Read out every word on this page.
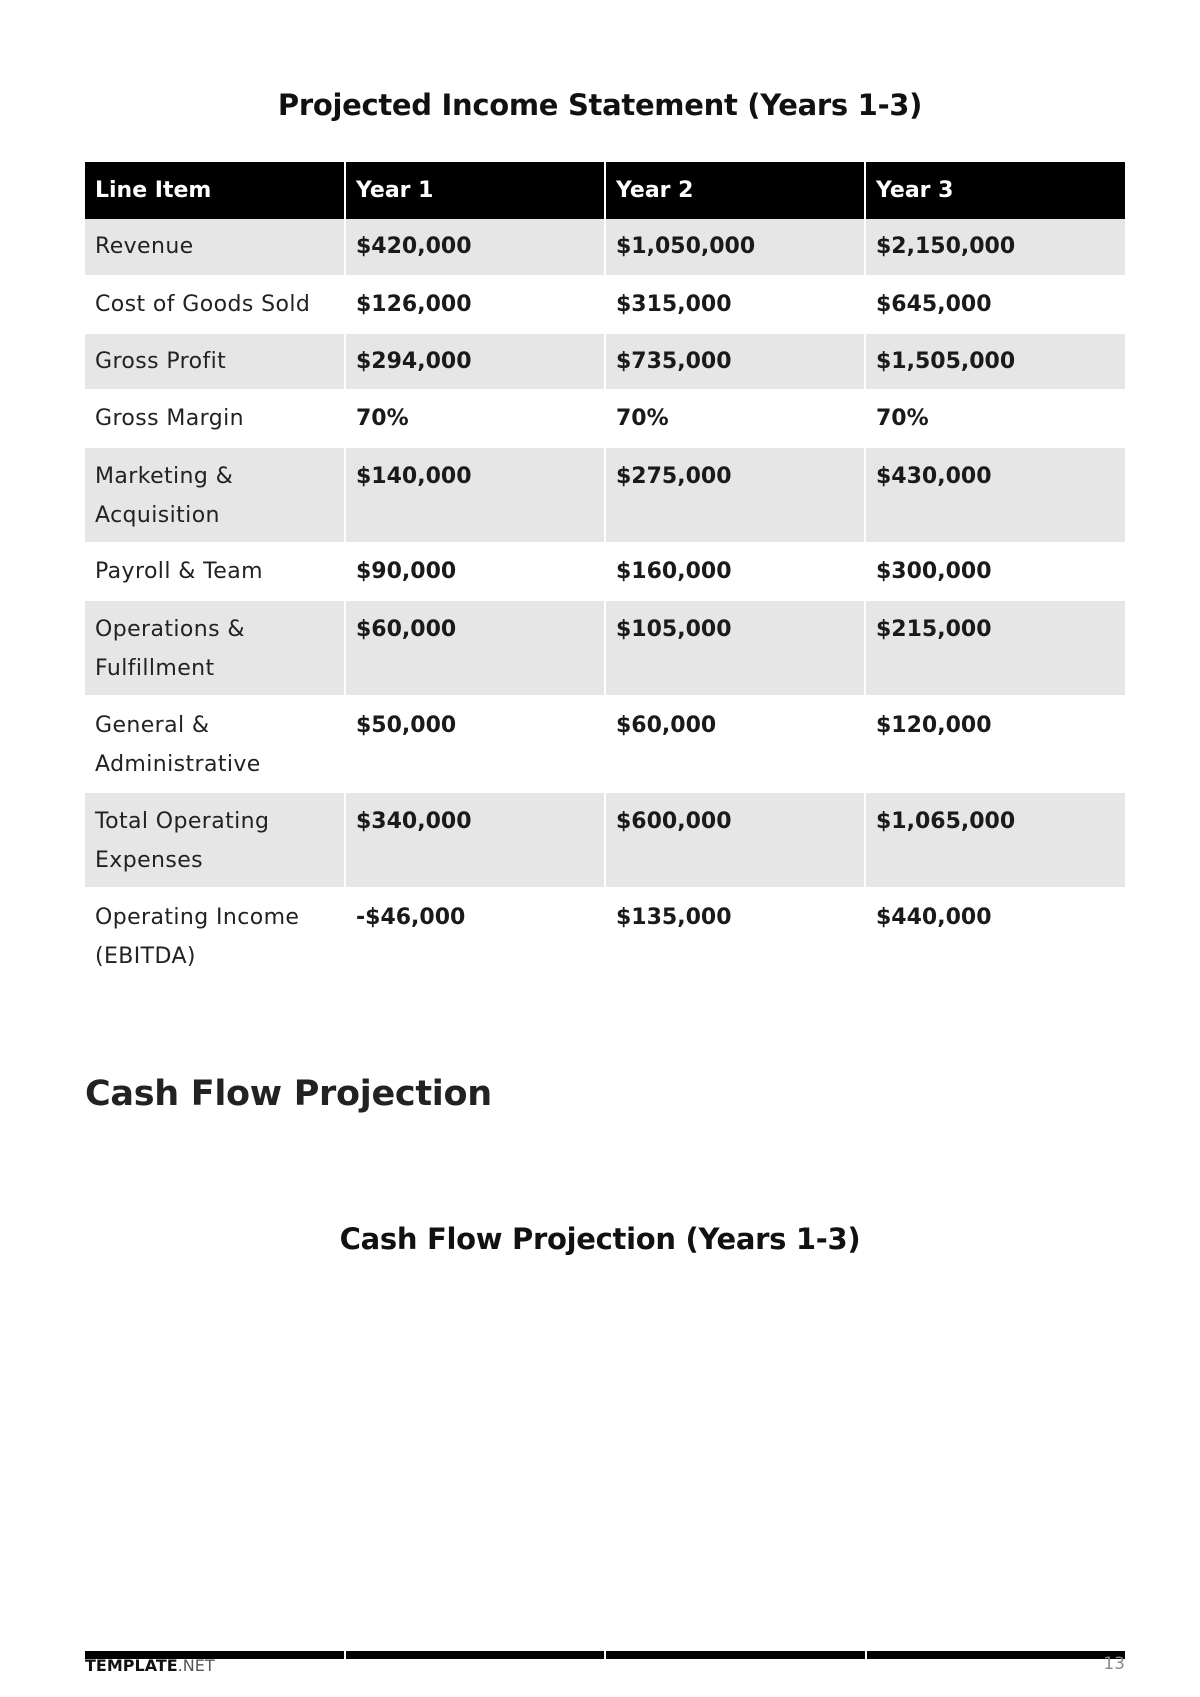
Projected Income Statement (Years 1-3)
Line Item	Year 1	Year 2	Year 3
Revenue	$420,000	$1,050,000	$2,150,000
Cost of Goods Sold	$126,000	$315,000	$645,000
Gross Profit	$294,000	$735,000	$1,505,000
Gross Margin	70%	70%	70%
Marketing & Acquisition	$140,000	$275,000	$430,000
Payroll & Team	$90,000	$160,000	$300,000
Operations & Fulfillment	$60,000	$105,000	$215,000
General & Administrative	$50,000	$60,000	$120,000
Total Operating Expenses	$340,000	$600,000	$1,065,000
Operating Income (EBITDA)	-$46,000	$135,000	$440,000
Cash Flow Projection
Cash Flow Projection (Years 1-3)
TEMPLATE.NET	13
